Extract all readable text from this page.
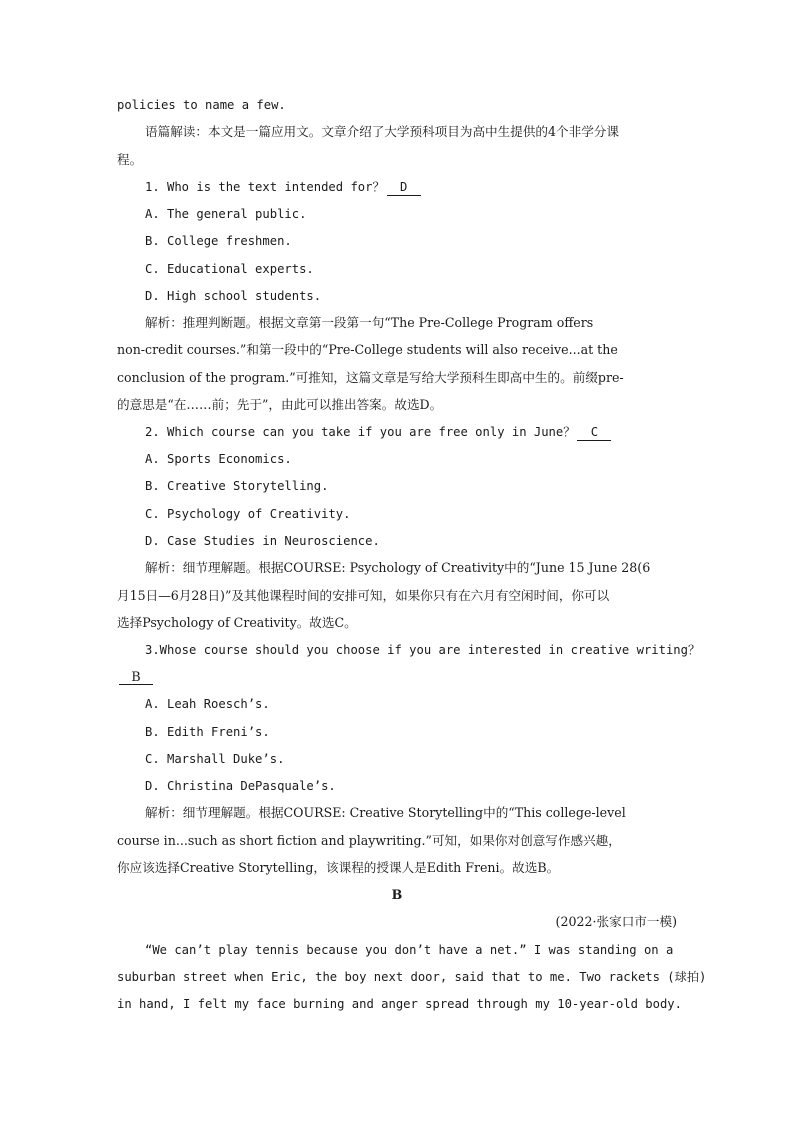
policies to name a few.
语篇解读：本文是一篇应用文。文章介绍了大学预科项目为高中生提供的4个非学分课
程。
1. Who is the text intended for？ D
A. The general public.
B. College freshmen.
C. Educational experts.
D. High school students.
解析：推理判断题。根据文章第一段第一句“The Pre-College Program offers
non-credit courses.”和第一段中的“Pre-College students will also receive...at the
conclusion of the program.”可推知，这篇文章是写给大学预科生即高中生的。前缀pre-
的意思是“在……前；先于”，由此可以推出答案。故选D。
2. Which course can you take if you are free only in June？ C
A. Sports Economics.
B. Creative Storytelling.
C. Psychology of Creativity.
D. Case Studies in Neuroscience.
解析：细节理解题。根据COURSE: Psychology of Creativity中的“June 15 June 28(6
月15日—6月28日)”及其他课程时间的安排可知，如果你只有在六月有空闲时间，你可以
选择Psychology of Creativity。故选C。
3.Whose course should you choose if you are interested in creative writing？
B
A. Leah Roesch’s.
B. Edith Freni’s.
C. Marshall Duke’s.
D. Christina DePasquale’s.
解析：细节理解题。根据COURSE: Creative Storytelling中的“This college-level
course in...such as short fiction and playwriting.”可知，如果你对创意写作感兴趣，
你应该选择Creative Storytelling，该课程的授课人是Edith Freni。故选B。
B
(2022·张家口市一模)
“We can’t play tennis because you don’t have a net.” I was standing on a
suburban street when Eric, the boy next door, said that to me. Two rackets (球拍)
in hand, I felt my face burning and anger spread through my 10-year-old body.
